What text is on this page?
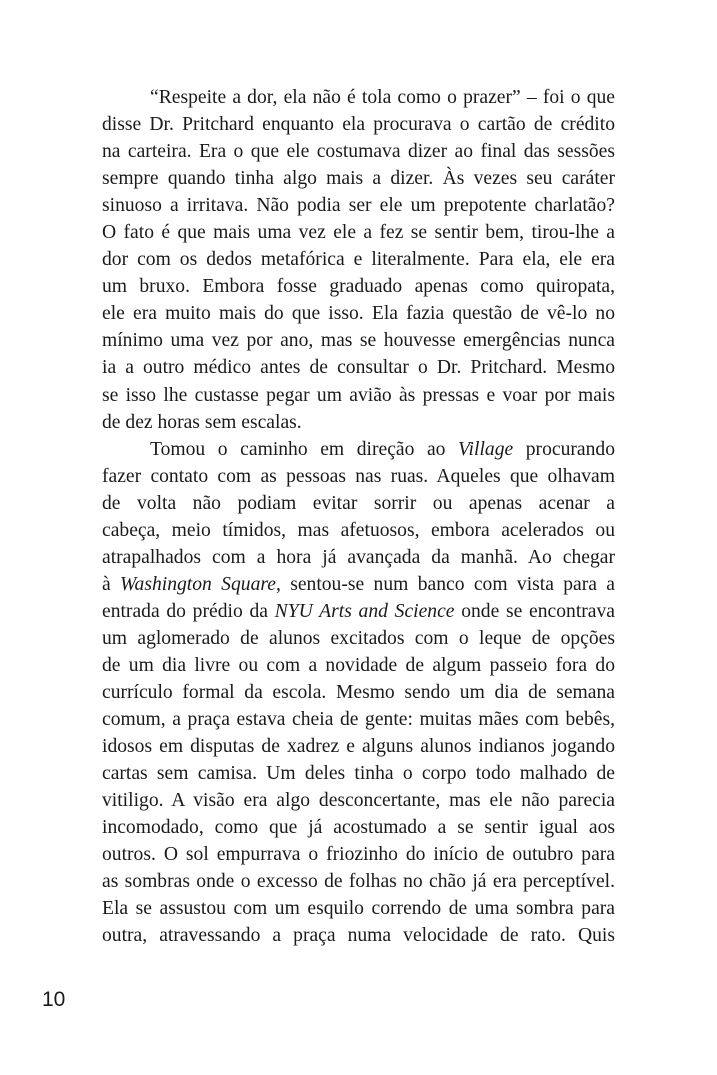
“Respeite a dor, ela não é tola como o prazer” – foi o que
disse Dr. Pritchard enquanto ela procurava o cartão de crédito
na carteira. Era o que ele costumava dizer ao final das sessões
sempre quando tinha algo mais a dizer. Às vezes seu caráter
sinuoso a irritava. Não podia ser ele um prepotente charlatão?
O fato é que mais uma vez ele a fez se sentir bem, tirou-lhe a
dor com os dedos metafórica e literalmente. Para ela, ele era
um bruxo. Embora fosse graduado apenas como quiropata,
ele era muito mais do que isso. Ela fazia questão de vê-lo no
mínimo uma vez por ano, mas se houvesse emergências nunca
ia a outro médico antes de consultar o Dr. Pritchard. Mesmo
se isso lhe custasse pegar um avião às pressas e voar por mais
de dez horas sem escalas.
Tomou o caminho em direção ao Village procurando
fazer contato com as pessoas nas ruas. Aqueles que olhavam
de volta não podiam evitar sorrir ou apenas acenar a
cabeça, meio tímidos, mas afetuosos, embora acelerados ou
atrapalhados com a hora já avançada da manhã. Ao chegar
à Washington Square, sentou-se num banco com vista para a
entrada do prédio da NYU Arts and Science onde se encontrava
um aglomerado de alunos excitados com o leque de opções
de um dia livre ou com a novidade de algum passeio fora do
currículo formal da escola. Mesmo sendo um dia de semana
comum, a praça estava cheia de gente: muitas mães com bebês,
idosos em disputas de xadrez e alguns alunos indianos jogando
cartas sem camisa. Um deles tinha o corpo todo malhado de
vitiligo. A visão era algo desconcertante, mas ele não parecia
incomodado, como que já acostumado a se sentir igual aos
outros. O sol empurrava o friozinho do início de outubro para
as sombras onde o excesso de folhas no chão já era perceptível.
Ela se assustou com um esquilo correndo de uma sombra para
outra, atravessando a praça numa velocidade de rato. Quis
10
